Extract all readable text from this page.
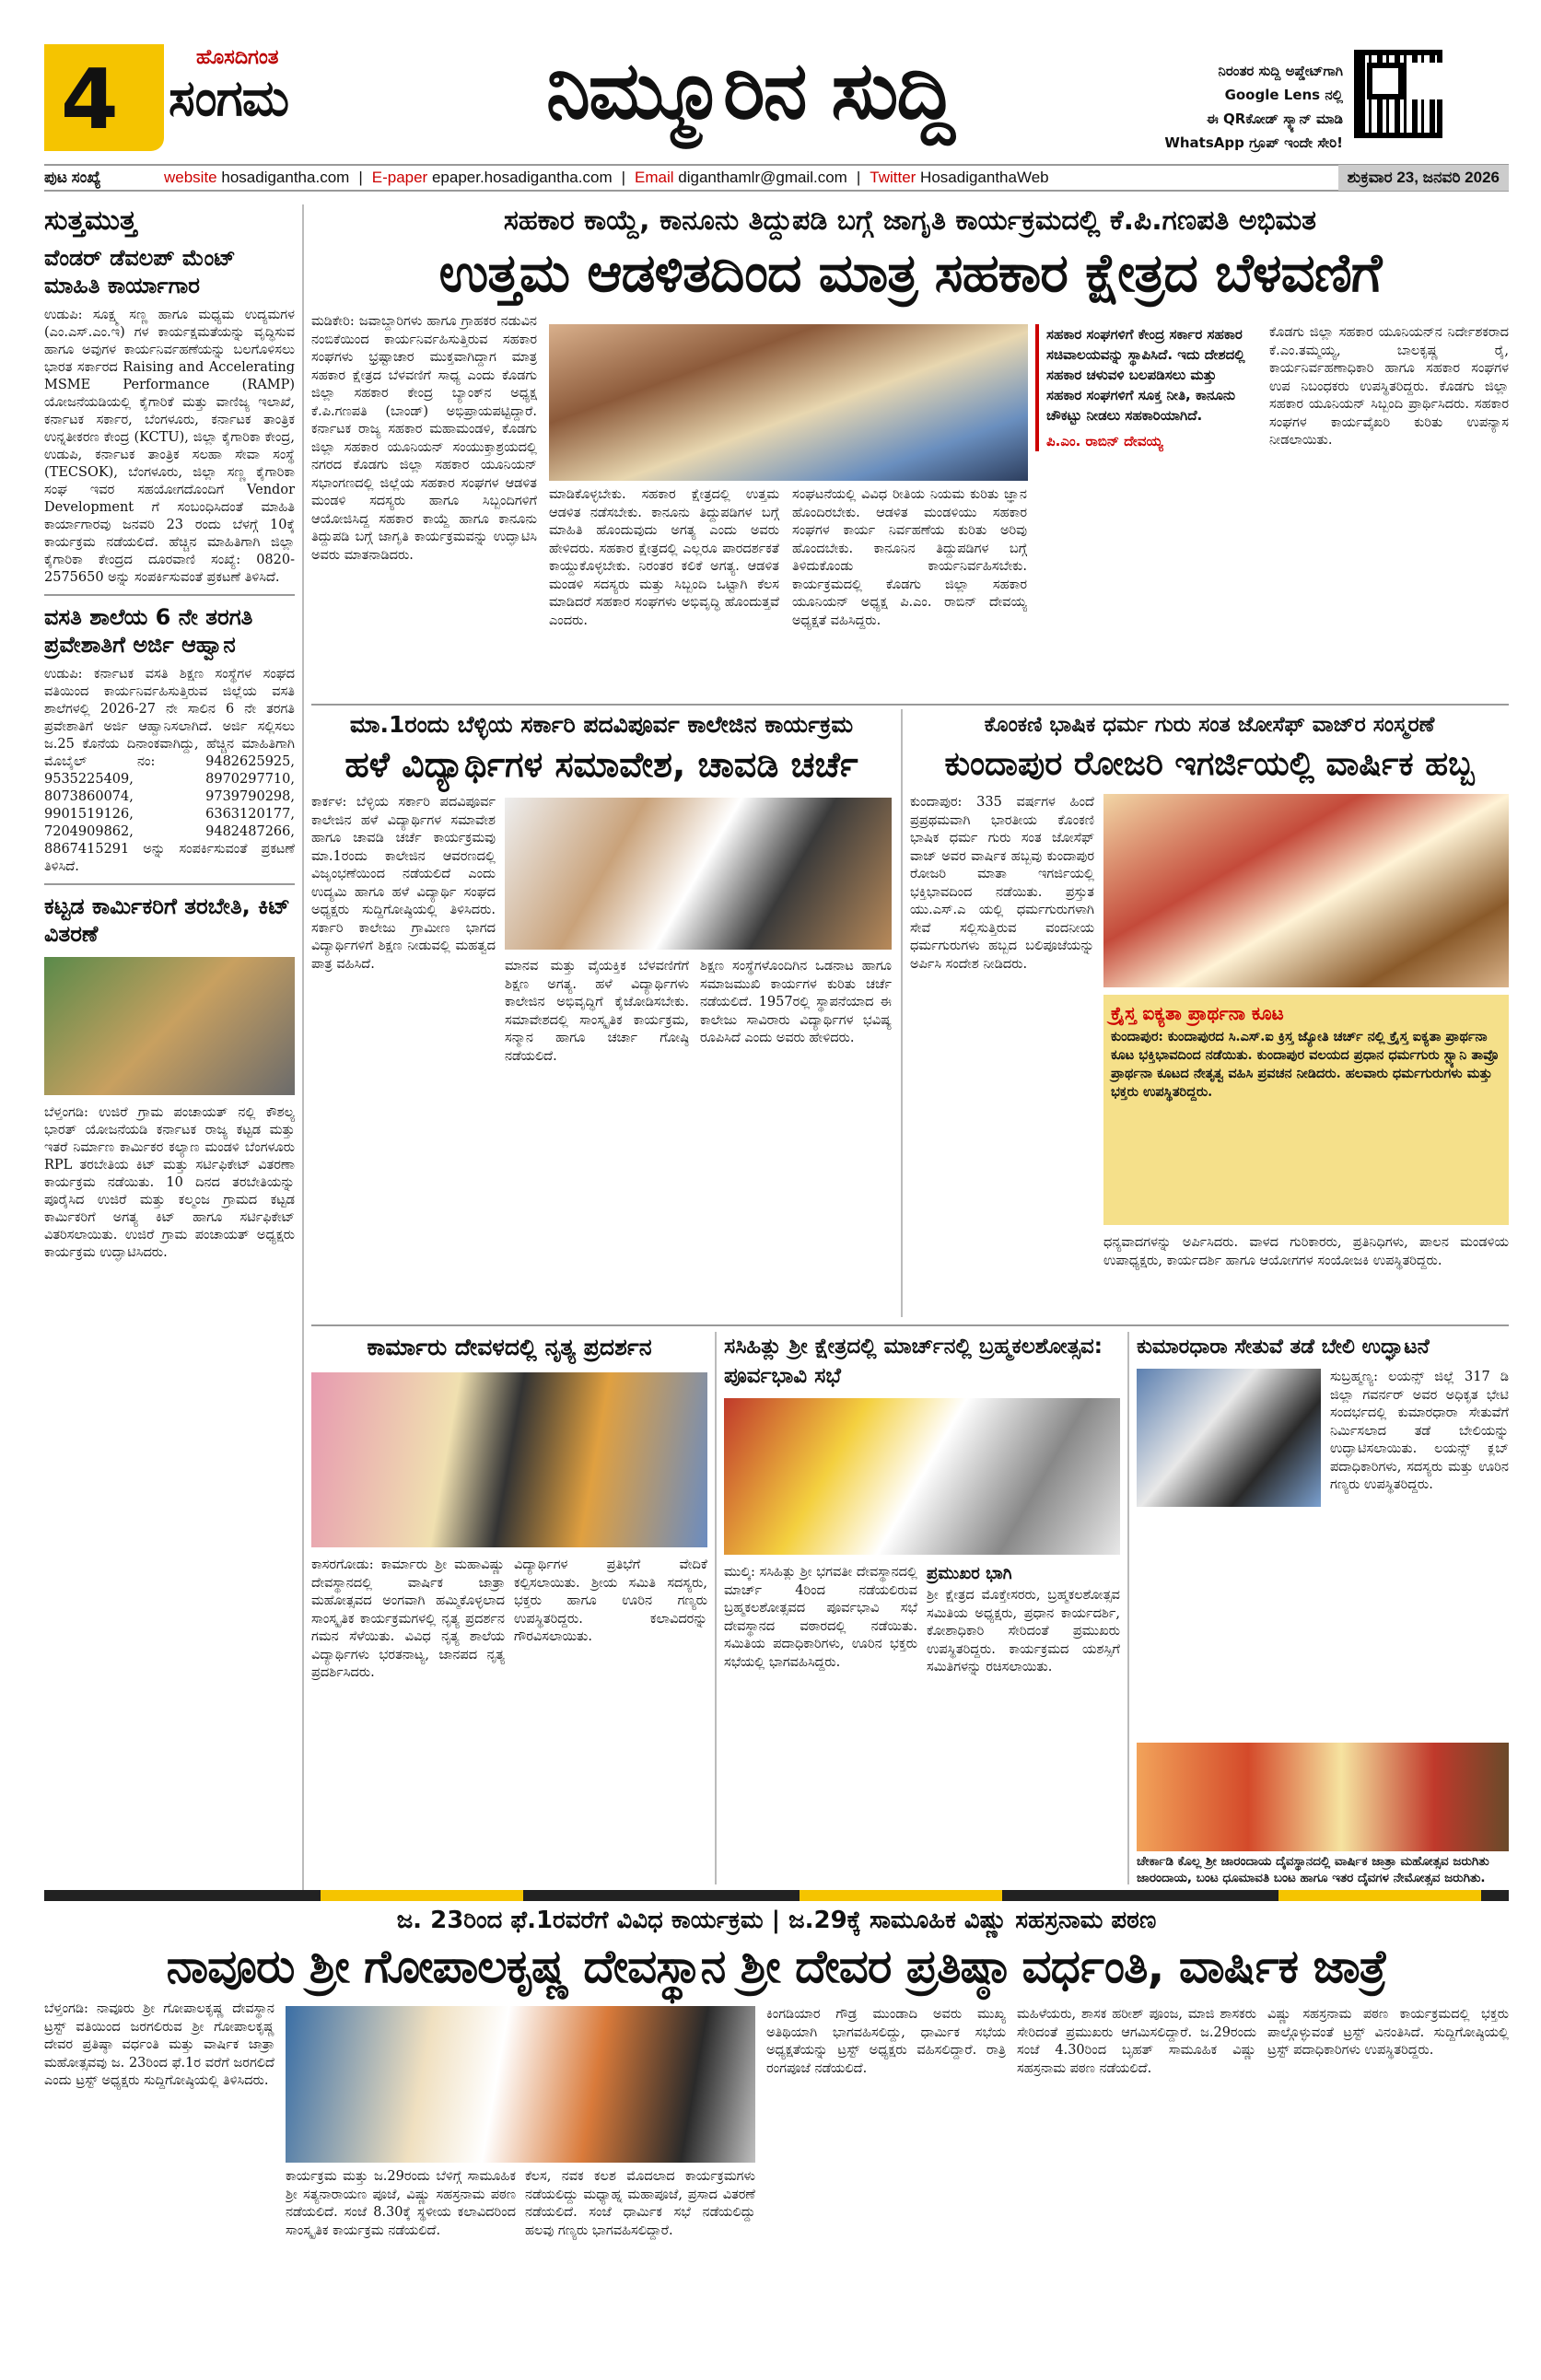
4	ಹೊಸದಿಗಂತ
ಸಂಗಮ	ನಿಮ್ಮೂರಿನ ಸುದ್ದಿ	ನಿರಂತರ ಸುದ್ದಿ ಅಪ್ಡೇಟ್‌ಗಾಗಿ
Google Lens ನಲ್ಲಿ
ಈ QRಕೋಡ್ ಸ್ಕ್ಯಾನ್ ಮಾಡಿ
WhatsApp ಗ್ರೂಪ್ ಇಂದೇ ಸೇರಿ!
ಪುಟ ಸಂಖ್ಯೆ	website hosadigantha.com | E-paper epaper.hosadigantha.com | Email diganthamlr@gmail.com | Twitter HosadiganthaWeb	ಶುಕ್ರವಾರ 23, ಜನವರಿ 2026
ಸುತ್ತಮುತ್ತ
ವೆಂಡರ್ ಡೆವಲಪ್ ಮೆಂಟ್ ಮಾಹಿತಿ ಕಾರ್ಯಾಗಾರ
ಉಡುಪಿ: ಸೂಕ್ಷ್ಮ ಸಣ್ಣ ಹಾಗೂ ಮಧ್ಯಮ ಉದ್ಯಮಗಳ (ಎಂ.ಎಸ್.ಎಂ.ಇ) ಗಳ ಕಾರ್ಯಕ್ಷಮತೆಯನ್ನು ವೃದ್ಧಿಸುವ ಹಾಗೂ ಅವುಗಳ ಕಾರ್ಯನಿರ್ವಹಣೆಯನ್ನು ಬಲಗೊಳಿಸಲು ಭಾರತ ಸರ್ಕಾರದ Raising and Accelerating MSME Performance (RAMP) ಯೋಜನೆಯಡಿಯಲ್ಲಿ ಕೈಗಾರಿಕೆ ಮತ್ತು ವಾಣಿಜ್ಯ ಇಲಾಖೆ, ಕರ್ನಾಟಕ ಸರ್ಕಾರ, ಬೆಂಗಳೂರು, ಕರ್ನಾಟಕ ತಾಂತ್ರಿಕ ಉನ್ನತೀಕರಣ ಕೇಂದ್ರ (KCTU), ಜಿಲ್ಲಾ ಕೈಗಾರಿಕಾ ಕೇಂದ್ರ, ಉಡುಪಿ, ಕರ್ನಾಟಕ ತಾಂತ್ರಿಕ ಸಲಹಾ ಸೇವಾ ಸಂಸ್ಥೆ (TECSOK), ಬೆಂಗಳೂರು, ಜಿಲ್ಲಾ ಸಣ್ಣ ಕೈಗಾರಿಕಾ ಸಂಘ ಇವರ ಸಹಯೋಗದೊಂದಿಗೆ Vendor Development ಗೆ ಸಂಬಂಧಿಸಿದಂತೆ ಮಾಹಿತಿ ಕಾರ್ಯಾಗಾರವು ಜನವರಿ 23 ರಂದು ಬೆಳಗ್ಗೆ 10ಕ್ಕೆ ಕಾರ್ಯಕ್ರಮ ನಡೆಯಲಿದೆ. ಹೆಚ್ಚಿನ ಮಾಹಿತಿಗಾಗಿ ಜಿಲ್ಲಾ ಕೈಗಾರಿಕಾ ಕೇಂದ್ರದ ದೂರವಾಣಿ ಸಂಖ್ಯೆ: 0820-2575650 ಅನ್ನು ಸಂಪರ್ಕಿಸುವಂತೆ ಪ್ರಕಟಣೆ ತಿಳಿಸಿದೆ.
ವಸತಿ ಶಾಲೆಯ 6 ನೇ ತರಗತಿ ಪ್ರವೇಶಾತಿಗೆ ಅರ್ಜಿ ಆಹ್ವಾನ
ಉಡುಪಿ: ಕರ್ನಾಟಕ ವಸತಿ ಶಿಕ್ಷಣ ಸಂಸ್ಥೆಗಳ ಸಂಘದ ವತಿಯಿಂದ ಕಾರ್ಯನಿರ್ವಹಿಸುತ್ತಿರುವ ಜಿಲ್ಲೆಯ ವಸತಿ ಶಾಲೆಗಳಲ್ಲಿ 2026-27 ನೇ ಸಾಲಿನ 6 ನೇ ತರಗತಿ ಪ್ರವೇಶಾತಿಗೆ ಅರ್ಜಿ ಆಹ್ವಾನಿಸಲಾಗಿದೆ. ಅರ್ಜಿ ಸಲ್ಲಿಸಲು ಜ.25 ಕೊನೆಯ ದಿನಾಂಕವಾಗಿದ್ದು, ಹೆಚ್ಚಿನ ಮಾಹಿತಿಗಾಗಿ ಮೊಬೈಲ್ ನಂ: 9482625925, 9535225409, 8970297710, 8073860074, 9739790298, 9901519126, 6363120177, 7204909862, 9482487266, 8867415291 ಅನ್ನು ಸಂಪರ್ಕಿಸುವಂತೆ ಪ್ರಕಟಣೆ ತಿಳಿಸಿದೆ.
ಕಟ್ಟಡ ಕಾರ್ಮಿಕರಿಗೆ ತರಬೇತಿ, ಕಿಟ್ ವಿತರಣೆ
ಬೆಳ್ತಂಗಡಿ: ಉಜಿರೆ ಗ್ರಾಮ ಪಂಚಾಯತ್ ನಲ್ಲಿ ಕೌಶಲ್ಯ ಭಾರತ್ ಯೋಜನೆಯಡಿ ಕರ್ನಾಟಕ ರಾಜ್ಯ ಕಟ್ಟಡ ಮತ್ತು ಇತರೆ ನಿರ್ಮಾಣ ಕಾರ್ಮಿಕರ ಕಲ್ಯಾಣ ಮಂಡಳಿ ಬೆಂಗಳೂರು RPL ತರಬೇತಿಯ ಕಿಟ್ ಮತ್ತು ಸರ್ಟಿಫಿಕೇಟ್ ವಿತರಣಾ ಕಾರ್ಯಕ್ರಮ ನಡೆಯಿತು. 10 ದಿನದ ತರಬೇತಿಯನ್ನು ಪೂರೈಸಿದ ಉಜಿರೆ ಮತ್ತು ಕಲ್ಮಂಜ ಗ್ರಾಮದ ಕಟ್ಟಡ ಕಾರ್ಮಿಕರಿಗೆ ಅಗತ್ಯ ಕಿಟ್ ಹಾಗೂ ಸರ್ಟಿಫಿಕೇಟ್ ವಿತರಿಸಲಾಯಿತು. ಉಜಿರೆ ಗ್ರಾಮ ಪಂಚಾಯತ್ ಅಧ್ಯಕ್ಷರು ಕಾರ್ಯಕ್ರಮ ಉದ್ಘಾಟಿಸಿದರು.
ಸಹಕಾರ ಕಾಯ್ದೆ, ಕಾನೂನು ತಿದ್ದುಪಡಿ ಬಗ್ಗೆ ಜಾಗೃತಿ ಕಾರ್ಯಕ್ರಮದಲ್ಲಿ ಕೆ.ಪಿ.ಗಣಪತಿ ಅಭಿಮತ
ಉತ್ತಮ ಆಡಳಿತದಿಂದ ಮಾತ್ರ ಸಹಕಾರ ಕ್ಷೇತ್ರದ ಬೆಳವಣಿಗೆ
ಮಡಿಕೇರಿ: ಜವಾಬ್ದಾರಿಗಳು ಹಾಗೂ ಗ್ರಾಹಕರ ನಡುವಿನ ನಂಬಿಕೆಯಿಂದ ಕಾರ್ಯನಿರ್ವಹಿಸುತ್ತಿರುವ ಸಹಕಾರ ಸಂಘಗಳು ಭ್ರಷ್ಟಾಚಾರ ಮುಕ್ತವಾಗಿದ್ದಾಗ ಮಾತ್ರ ಸಹಕಾರ ಕ್ಷೇತ್ರದ ಬೆಳವಣಿಗೆ ಸಾಧ್ಯ ಎಂದು ಕೊಡಗು ಜಿಲ್ಲಾ ಸಹಕಾರ ಕೇಂದ್ರ ಬ್ಯಾಂಕ್‌ನ ಅಧ್ಯಕ್ಷ ಕೆ.ಪಿ.ಗಣಪತಿ (ಬಾಂಡ್) ಅಭಿಪ್ರಾಯಪಟ್ಟಿದ್ದಾರೆ. ಕರ್ನಾಟಕ ರಾಜ್ಯ ಸಹಕಾರ ಮಹಾಮಂಡಳಿ, ಕೊಡಗು ಜಿಲ್ಲಾ ಸಹಕಾರ ಯೂನಿಯನ್ ಸಂಯುಕ್ತಾಶ್ರಯದಲ್ಲಿ ನಗರದ ಕೊಡಗು ಜಿಲ್ಲಾ ಸಹಕಾರ ಯೂನಿಯನ್ ಸಭಾಂಗಣದಲ್ಲಿ ಜಿಲ್ಲೆಯ ಸಹಕಾರ ಸಂಘಗಳ ಆಡಳಿತ ಮಂಡಳಿ ಸದಸ್ಯರು ಹಾಗೂ ಸಿಬ್ಬಂದಿಗಳಿಗೆ ಆಯೋಜಿಸಿದ್ದ ಸಹಕಾರ ಕಾಯ್ದೆ ಹಾಗೂ ಕಾನೂನು ತಿದ್ದುಪಡಿ ಬಗ್ಗೆ ಜಾಗೃತಿ ಕಾರ್ಯಕ್ರಮವನ್ನು ಉದ್ಘಾಟಿಸಿ ಅವರು ಮಾತನಾಡಿದರು.
ಮಾಡಿಕೊಳ್ಳಬೇಕು. ಸಹಕಾರ ಕ್ಷೇತ್ರದಲ್ಲಿ ಉತ್ತಮ ಆಡಳಿತ ನಡೆಸಬೇಕು. ಕಾನೂನು ತಿದ್ದುಪಡಿಗಳ ಬಗ್ಗೆ ಮಾಹಿತಿ ಹೊಂದುವುದು ಅಗತ್ಯ ಎಂದು ಅವರು ಹೇಳಿದರು. ಸಹಕಾರ ಕ್ಷೇತ್ರದಲ್ಲಿ ಎಲ್ಲರೂ ಪಾರದರ್ಶಕತೆ ಕಾಯ್ದುಕೊಳ್ಳಬೇಕು. ನಿರಂತರ ಕಲಿಕೆ ಅಗತ್ಯ. ಆಡಳಿತ ಮಂಡಳಿ ಸದಸ್ಯರು ಮತ್ತು ಸಿಬ್ಬಂದಿ ಒಟ್ಟಾಗಿ ಕೆಲಸ ಮಾಡಿದರೆ ಸಹಕಾರ ಸಂಘಗಳು ಅಭಿವೃದ್ಧಿ ಹೊಂದುತ್ತವೆ ಎಂದರು.
ಸಂಘಟನೆಯಲ್ಲಿ ವಿವಿಧ ರೀತಿಯ ನಿಯಮ ಕುರಿತು ಜ್ಞಾನ ಹೊಂದಿರಬೇಕು. ಆಡಳಿತ ಮಂಡಳಿಯು ಸಹಕಾರ ಸಂಘಗಳ ಕಾರ್ಯ ನಿರ್ವಹಣೆಯ ಕುರಿತು ಅರಿವು ಹೊಂದಬೇಕು. ಕಾನೂನಿನ ತಿದ್ದುಪಡಿಗಳ ಬಗ್ಗೆ ತಿಳಿದುಕೊಂಡು ಕಾರ್ಯನಿರ್ವಹಿಸಬೇಕು. ಕಾರ್ಯಕ್ರಮದಲ್ಲಿ ಕೊಡಗು ಜಿಲ್ಲಾ ಸಹಕಾರ ಯೂನಿಯನ್ ಅಧ್ಯಕ್ಷ ಪಿ.ಎಂ. ರಾಬಿನ್ ದೇವಯ್ಯ ಅಧ್ಯಕ್ಷತೆ ವಹಿಸಿದ್ದರು.
ಸಹಕಾರ ಸಂಘಗಳಿಗೆ ಕೇಂದ್ರ ಸರ್ಕಾರ ಸಹಕಾರ ಸಚಿವಾಲಯವನ್ನು ಸ್ಥಾಪಿಸಿದೆ. ಇದು ದೇಶದಲ್ಲಿ ಸಹಕಾರ ಚಳುವಳಿ ಬಲಪಡಿಸಲು ಮತ್ತು ಸಹಕಾರ ಸಂಘಗಳಿಗೆ ಸೂಕ್ತ ನೀತಿ, ಕಾನೂನು ಚೌಕಟ್ಟು ನೀಡಲು ಸಹಕಾರಿಯಾಗಿದೆ.
ಪಿ.ಎಂ. ರಾಬಿನ್ ದೇವಯ್ಯ
ಕೊಡಗು ಜಿಲ್ಲಾ ಸಹಕಾರ ಯೂನಿಯನ್‌ನ ನಿರ್ದೇಶಕರಾದ ಕೆ.ಎಂ.ತಮ್ಮಯ್ಯ, ಬಾಲಕೃಷ್ಣ ರೈ, ಕಾರ್ಯನಿರ್ವಹಣಾಧಿಕಾರಿ ಹಾಗೂ ಸಹಕಾರ ಸಂಘಗಳ ಉಪ ನಿಬಂಧಕರು ಉಪಸ್ಥಿತರಿದ್ದರು. ಕೊಡಗು ಜಿಲ್ಲಾ ಸಹಕಾರ ಯೂನಿಯನ್ ಸಿಬ್ಬಂದಿ ಪ್ರಾರ್ಥಿಸಿದರು. ಸಹಕಾರ ಸಂಘಗಳ ಕಾರ್ಯವೈಖರಿ ಕುರಿತು ಉಪನ್ಯಾಸ ನೀಡಲಾಯಿತು.
ಮಾ.1ರಂದು ಬೆಳ್ಳಿಯ ಸರ್ಕಾರಿ ಪದವಿಪೂರ್ವ ಕಾಲೇಜಿನ ಕಾರ್ಯಕ್ರಮ
ಹಳೆ ವಿದ್ಯಾರ್ಥಿಗಳ ಸಮಾವೇಶ, ಚಾವಡಿ ಚರ್ಚೆ
ಕಾರ್ಕಳ: ಬೆಳ್ಳಿಯ ಸರ್ಕಾರಿ ಪದವಿಪೂರ್ವ ಕಾಲೇಜಿನ ಹಳೆ ವಿದ್ಯಾರ್ಥಿಗಳ ಸಮಾವೇಶ ಹಾಗೂ ಚಾವಡಿ ಚರ್ಚೆ ಕಾರ್ಯಕ್ರಮವು ಮಾ.1ರಂದು ಕಾಲೇಜಿನ ಆವರಣದಲ್ಲಿ ವಿಜೃಂಭಣೆಯಿಂದ ನಡೆಯಲಿದೆ ಎಂದು ಉದ್ಯಮಿ ಹಾಗೂ ಹಳೆ ವಿದ್ಯಾರ್ಥಿ ಸಂಘದ ಅಧ್ಯಕ್ಷರು ಸುದ್ದಿಗೋಷ್ಠಿಯಲ್ಲಿ ತಿಳಿಸಿದರು. ಸರ್ಕಾರಿ ಕಾಲೇಜು ಗ್ರಾಮೀಣ ಭಾಗದ ವಿದ್ಯಾರ್ಥಿಗಳಿಗೆ ಶಿಕ್ಷಣ ನೀಡುವಲ್ಲಿ ಮಹತ್ವದ ಪಾತ್ರ ವಹಿಸಿದೆ.	ಮಾನವ ಮತ್ತು ವೈಯಕ್ತಿಕ ಬೆಳವಣಿಗೆಗೆ ಶಿಕ್ಷಣ ಅಗತ್ಯ. ಹಳೆ ವಿದ್ಯಾರ್ಥಿಗಳು ಕಾಲೇಜಿನ ಅಭಿವೃದ್ಧಿಗೆ ಕೈಜೋಡಿಸಬೇಕು. ಸಮಾವೇಶದಲ್ಲಿ ಸಾಂಸ್ಕೃತಿಕ ಕಾರ್ಯಕ್ರಮ, ಸನ್ಮಾನ ಹಾಗೂ ಚರ್ಚಾ ಗೋಷ್ಠಿ ನಡೆಯಲಿದೆ.
ಶಿಕ್ಷಣ ಸಂಸ್ಥೆಗಳೊಂದಿಗಿನ ಒಡನಾಟ ಹಾಗೂ ಸಮಾಜಮುಖಿ ಕಾರ್ಯಗಳ ಕುರಿತು ಚರ್ಚೆ ನಡೆಯಲಿದೆ. 1957ರಲ್ಲಿ ಸ್ಥಾಪನೆಯಾದ ಈ ಕಾಲೇಜು ಸಾವಿರಾರು ವಿದ್ಯಾರ್ಥಿಗಳ ಭವಿಷ್ಯ ರೂಪಿಸಿದೆ ಎಂದು ಅವರು ಹೇಳಿದರು.
ಕೊಂಕಣಿ ಭಾಷಿಕ ಧರ್ಮ ಗುರು ಸಂತ ಜೋಸೆಫ್ ವಾಜ್‌ರ ಸಂಸ್ಮರಣೆ
ಕುಂದಾಪುರ ರೋಜರಿ ಇಗರ್ಜಿಯಲ್ಲಿ ವಾರ್ಷಿಕ ಹಬ್ಬ
ಕುಂದಾಪುರ: 335 ವರ್ಷಗಳ ಹಿಂದೆ ಪ್ರಪ್ರಥಮವಾಗಿ ಭಾರತೀಯ ಕೊಂಕಣಿ ಭಾಷಿಕ ಧರ್ಮ ಗುರು ಸಂತ ಜೋಸೆಫ್ ವಾಜ್ ಅವರ ವಾರ್ಷಿಕ ಹಬ್ಬವು ಕುಂದಾಪುರ ರೋಜರಿ ಮಾತಾ ಇಗರ್ಜಿಯಲ್ಲಿ ಭಕ್ತಿಭಾವದಿಂದ ನಡೆಯಿತು. ಪ್ರಸ್ತುತ ಯು.ಎಸ್.ಎ ಯಲ್ಲಿ ಧರ್ಮಗುರುಗಳಾಗಿ ಸೇವೆ ಸಲ್ಲಿಸುತ್ತಿರುವ ವಂದನೀಯ ಧರ್ಮಗುರುಗಳು ಹಬ್ಬದ ಬಲಿಪೂಜೆಯನ್ನು ಅರ್ಪಿಸಿ ಸಂದೇಶ ನೀಡಿದರು.
ಕ್ರೈಸ್ತ ಐಕ್ಯತಾ ಪ್ರಾರ್ಥನಾ ಕೂಟ
ಕುಂದಾಪುರ: ಕುಂದಾಪುರದ ಸಿ.ಎಸ್.ಐ ಕ್ರಿಸ್ತ ಜ್ಯೋತಿ ಚರ್ಚ್ ನಲ್ಲಿ ಕ್ರೈಸ್ತ ಐಕ್ಯತಾ ಪ್ರಾರ್ಥನಾ ಕೂಟ ಭಕ್ತಿಭಾವದಿಂದ ನಡೆಯಿತು. ಕುಂದಾಪುರ ವಲಯದ ಪ್ರಧಾನ ಧರ್ಮಗುರು ಸ್ಟ್ಯಾನಿ ತಾವ್ರೊ ಪ್ರಾರ್ಥನಾ ಕೂಟದ ನೇತೃತ್ವ ವಹಿಸಿ ಪ್ರವಚನ ನೀಡಿದರು. ಹಲವಾರು ಧರ್ಮಗುರುಗಳು ಮತ್ತು ಭಕ್ತರು ಉಪಸ್ಥಿತರಿದ್ದರು.
ಧನ್ಯವಾದಗಳನ್ನು ಅರ್ಪಿಸಿದರು. ವಾಳದ ಗುರಿಕಾರರು, ಪ್ರತಿನಿಧಿಗಳು, ಪಾಲನ ಮಂಡಳಿಯ ಉಪಾಧ್ಯಕ್ಷರು, ಕಾರ್ಯದರ್ಶಿ ಹಾಗೂ ಆಯೋಗಗಳ ಸಂಯೋಜಕಿ ಉಪಸ್ಥಿತರಿದ್ದರು.
ಕಾರ್ಮಾರು ದೇವಳದಲ್ಲಿ ನೃತ್ಯ ಪ್ರದರ್ಶನ
ಕಾಸರಗೋಡು: ಕಾರ್ಮಾರು ಶ್ರೀ ಮಹಾವಿಷ್ಣು ದೇವಸ್ಥಾನದಲ್ಲಿ ವಾರ್ಷಿಕ ಜಾತ್ರಾ ಮಹೋತ್ಸವದ ಅಂಗವಾಗಿ ಹಮ್ಮಿಕೊಳ್ಳಲಾದ ಸಾಂಸ್ಕೃತಿಕ ಕಾರ್ಯಕ್ರಮಗಳಲ್ಲಿ ನೃತ್ಯ ಪ್ರದರ್ಶನ ಗಮನ ಸೆಳೆಯಿತು. ವಿವಿಧ ನೃತ್ಯ ಶಾಲೆಯ ವಿದ್ಯಾರ್ಥಿಗಳು ಭರತನಾಟ್ಯ, ಜಾನಪದ ನೃತ್ಯ ಪ್ರದರ್ಶಿಸಿದರು.
ವಿದ್ಯಾರ್ಥಿಗಳ ಪ್ರತಿಭೆಗೆ ವೇದಿಕೆ ಕಲ್ಪಿಸಲಾಯಿತು. ಶ್ರೀಯ ಸಮಿತಿ ಸದಸ್ಯರು, ಭಕ್ತರು ಹಾಗೂ ಊರಿನ ಗಣ್ಯರು ಉಪಸ್ಥಿತರಿದ್ದರು. ಕಲಾವಿದರನ್ನು ಗೌರವಿಸಲಾಯಿತು.
ಸಸಿಹಿತ್ಲು ಶ್ರೀ ಕ್ಷೇತ್ರದಲ್ಲಿ ಮಾರ್ಚ್‌ನಲ್ಲಿ ಬ್ರಹ್ಮಕಲಶೋತ್ಸವ: ಪೂರ್ವಭಾವಿ ಸಭೆ
ಮುಲ್ಕಿ: ಸಸಿಹಿತ್ಲು ಶ್ರೀ ಭಗವತೀ ದೇವಸ್ಥಾನದಲ್ಲಿ ಮಾರ್ಚ್ 4ರಿಂದ ನಡೆಯಲಿರುವ ಬ್ರಹ್ಮಕಲಶೋತ್ಸವದ ಪೂರ್ವಭಾವಿ ಸಭೆ ದೇವಸ್ಥಾನದ ವಠಾರದಲ್ಲಿ ನಡೆಯಿತು. ಸಮಿತಿಯ ಪದಾಧಿಕಾರಿಗಳು, ಊರಿನ ಭಕ್ತರು ಸಭೆಯಲ್ಲಿ ಭಾಗವಹಿಸಿದ್ದರು.
ಪ್ರಮುಖರ ಭಾಗಿ
ಶ್ರೀ ಕ್ಷೇತ್ರದ ಮೊಕ್ತೇಸರರು, ಬ್ರಹ್ಮಕಲಶೋತ್ಸವ ಸಮಿತಿಯ ಅಧ್ಯಕ್ಷರು, ಪ್ರಧಾನ ಕಾರ್ಯದರ್ಶಿ, ಕೋಶಾಧಿಕಾರಿ ಸೇರಿದಂತೆ ಪ್ರಮುಖರು ಉಪಸ್ಥಿತರಿದ್ದರು. ಕಾರ್ಯಕ್ರಮದ ಯಶಸ್ಸಿಗೆ ಸಮಿತಿಗಳನ್ನು ರಚಿಸಲಾಯಿತು.
ಕುಮಾರಧಾರಾ ಸೇತುವೆ ತಡೆ ಬೇಲಿ ಉದ್ಘಾಟನೆ
ಸುಬ್ರಹ್ಮಣ್ಯ: ಲಯನ್ಸ್ ಜಿಲ್ಲೆ 317 ಡಿ ಜಿಲ್ಲಾ ಗವರ್ನರ್ ಅವರ ಅಧಿಕೃತ ಭೇಟಿ ಸಂದರ್ಭದಲ್ಲಿ ಕುಮಾರಧಾರಾ ಸೇತುವೆಗೆ ನಿರ್ಮಿಸಲಾದ ತಡೆ ಬೇಲಿಯನ್ನು ಉದ್ಘಾಟಿಸಲಾಯಿತು. ಲಯನ್ಸ್ ಕ್ಲಬ್ ಪದಾಧಿಕಾರಿಗಳು, ಸದಸ್ಯರು ಮತ್ತು ಊರಿನ ಗಣ್ಯರು ಉಪಸ್ಥಿತರಿದ್ದರು.
ಚೇರ್ಕಾಡಿ ಕೊಲ್ಲ ಶ್ರೀ ಜಾರಂದಾಯ ದೈವಸ್ಥಾನದಲ್ಲಿ ವಾರ್ಷಿಕ ಜಾತ್ರಾ ಮಹೋತ್ಸವ ಜರುಗಿತು ಜಾರಂದಾಯ, ಬಂಟ ಧೂಮಾವತಿ ಬಂಟ ಹಾಗೂ ಇತರ ದೈವಗಳ ನೇಮೋತ್ಸವ ಜರುಗಿತು.
ಜ. 23ರಿಂದ ಫೆ.1ರವರೆಗೆ ವಿವಿಧ ಕಾರ್ಯಕ್ರಮ | ಜ.29ಕ್ಕೆ ಸಾಮೂಹಿಕ ವಿಷ್ಣು ಸಹಸ್ರನಾಮ ಪಠಣ
ನಾವೂರು ಶ್ರೀ ಗೋಪಾಲಕೃಷ್ಣ ದೇವಸ್ಥಾನ ಶ್ರೀ ದೇವರ ಪ್ರತಿಷ್ಠಾ ವರ್ಧಂತಿ, ವಾರ್ಷಿಕ ಜಾತ್ರೆ
ಬೆಳ್ತಂಗಡಿ: ನಾವೂರು ಶ್ರೀ ಗೋಪಾಲಕೃಷ್ಣ ದೇವಸ್ಥಾನ ಟ್ರಸ್ಟ್ ವತಿಯಿಂದ ಜರಗಲಿರುವ ಶ್ರೀ ಗೋಪಾಲಕೃಷ್ಣ ದೇವರ ಪ್ರತಿಷ್ಠಾ ವರ್ಧಂತಿ ಮತ್ತು ವಾರ್ಷಿಕ ಜಾತ್ರಾ ಮಹೋತ್ಸವವು ಜ. 23ರಿಂದ ಫೆ.1ರ ವರೆಗೆ ಜರಗಲಿದೆ ಎಂದು ಟ್ರಸ್ಟ್ ಅಧ್ಯಕ್ಷರು ಸುದ್ದಿಗೋಷ್ಠಿಯಲ್ಲಿ ತಿಳಿಸಿದರು.
ಕಾರ್ಯಕ್ರಮ ಮತ್ತು ಜ.29ರಂದು ಬೆಳಿಗ್ಗೆ ಸಾಮೂಹಿಕ ಶ್ರೀ ಸತ್ಯನಾರಾಯಣ ಪೂಜೆ, ವಿಷ್ಣು ಸಹಸ್ರನಾಮ ಪಠಣ ನಡೆಯಲಿದೆ. ಸಂಜೆ 8.30ಕ್ಕೆ ಸ್ಥಳೀಯ ಕಲಾವಿದರಿಂದ ಸಾಂಸ್ಕೃತಿಕ ಕಾರ್ಯಕ್ರಮ ನಡೆಯಲಿದೆ.
ಕೆಲಸ, ನವಕ ಕಲಶ ಮೊದಲಾದ ಕಾರ್ಯಕ್ರಮಗಳು ನಡೆಯಲಿದ್ದು ಮಧ್ಯಾಹ್ನ ಮಹಾಪೂಜೆ, ಪ್ರಸಾದ ವಿತರಣೆ ನಡೆಯಲಿದೆ. ಸಂಜೆ ಧಾರ್ಮಿಕ ಸಭೆ ನಡೆಯಲಿದ್ದು ಹಲವು ಗಣ್ಯರು ಭಾಗವಹಿಸಲಿದ್ದಾರೆ.
ಕಿಂಗಡಿಯಾರ ಗೌಡ್ರ ಮುಂಡಾದಿ ಅವರು ಮುಖ್ಯ ಅತಿಥಿಯಾಗಿ ಭಾಗವಹಿಸಲಿದ್ದು, ಧಾರ್ಮಿಕ ಸಭೆಯ ಅಧ್ಯಕ್ಷತೆಯನ್ನು ಟ್ರಸ್ಟ್ ಅಧ್ಯಕ್ಷರು ವಹಿಸಲಿದ್ದಾರೆ. ರಾತ್ರಿ ರಂಗಪೂಜೆ ನಡೆಯಲಿದೆ.
ಮಹಿಳೆಯರು, ಶಾಸಕ ಹರೀಶ್ ಪೂಂಜ, ಮಾಜಿ ಶಾಸಕರು ಸೇರಿದಂತೆ ಪ್ರಮುಖರು ಆಗಮಿಸಲಿದ್ದಾರೆ. ಜ.29ರಂದು ಸಂಜೆ 4.30ರಿಂದ ಬೃಹತ್ ಸಾಮೂಹಿಕ ವಿಷ್ಣು ಸಹಸ್ರನಾಮ ಪಠಣ ನಡೆಯಲಿದೆ.
ವಿಷ್ಣು ಸಹಸ್ರನಾಮ ಪಠಣ ಕಾರ್ಯಕ್ರಮದಲ್ಲಿ ಭಕ್ತರು ಪಾಲ್ಗೊಳ್ಳುವಂತೆ ಟ್ರಸ್ಟ್ ವಿನಂತಿಸಿದೆ. ಸುದ್ದಿಗೋಷ್ಠಿಯಲ್ಲಿ ಟ್ರಸ್ಟ್ ಪದಾಧಿಕಾರಿಗಳು ಉಪಸ್ಥಿತರಿದ್ದರು.
